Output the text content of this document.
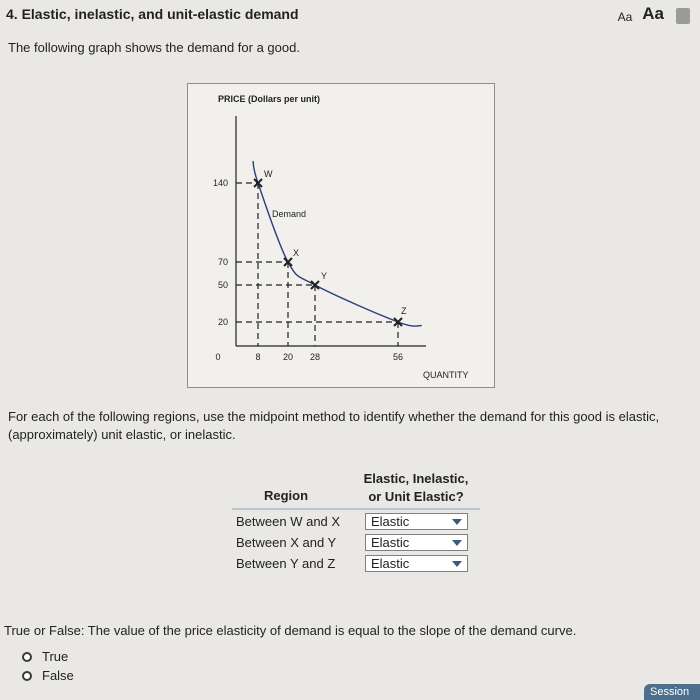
4. Elastic, inelastic, and unit-elastic demand	Aa Aa
The following graph shows the demand for a good.
PRICE (Dollars per unit)
Demand
140
70
50
20
0	8 20 28	56
W
X
Y
Z
QUANTITY
For each of the following regions, use the midpoint method to identify whether the demand for this good is elastic, (approximately) unit elastic, or inelastic.
Elastic, Inelastic,
or Unit Elastic?
Region
Between W and X	Elastic
Between X and Y	Elastic
Between Y and Z	Elastic
True or False: The value of the price elasticity of demand is equal to the slope of the demand curve.
True
False
Session
